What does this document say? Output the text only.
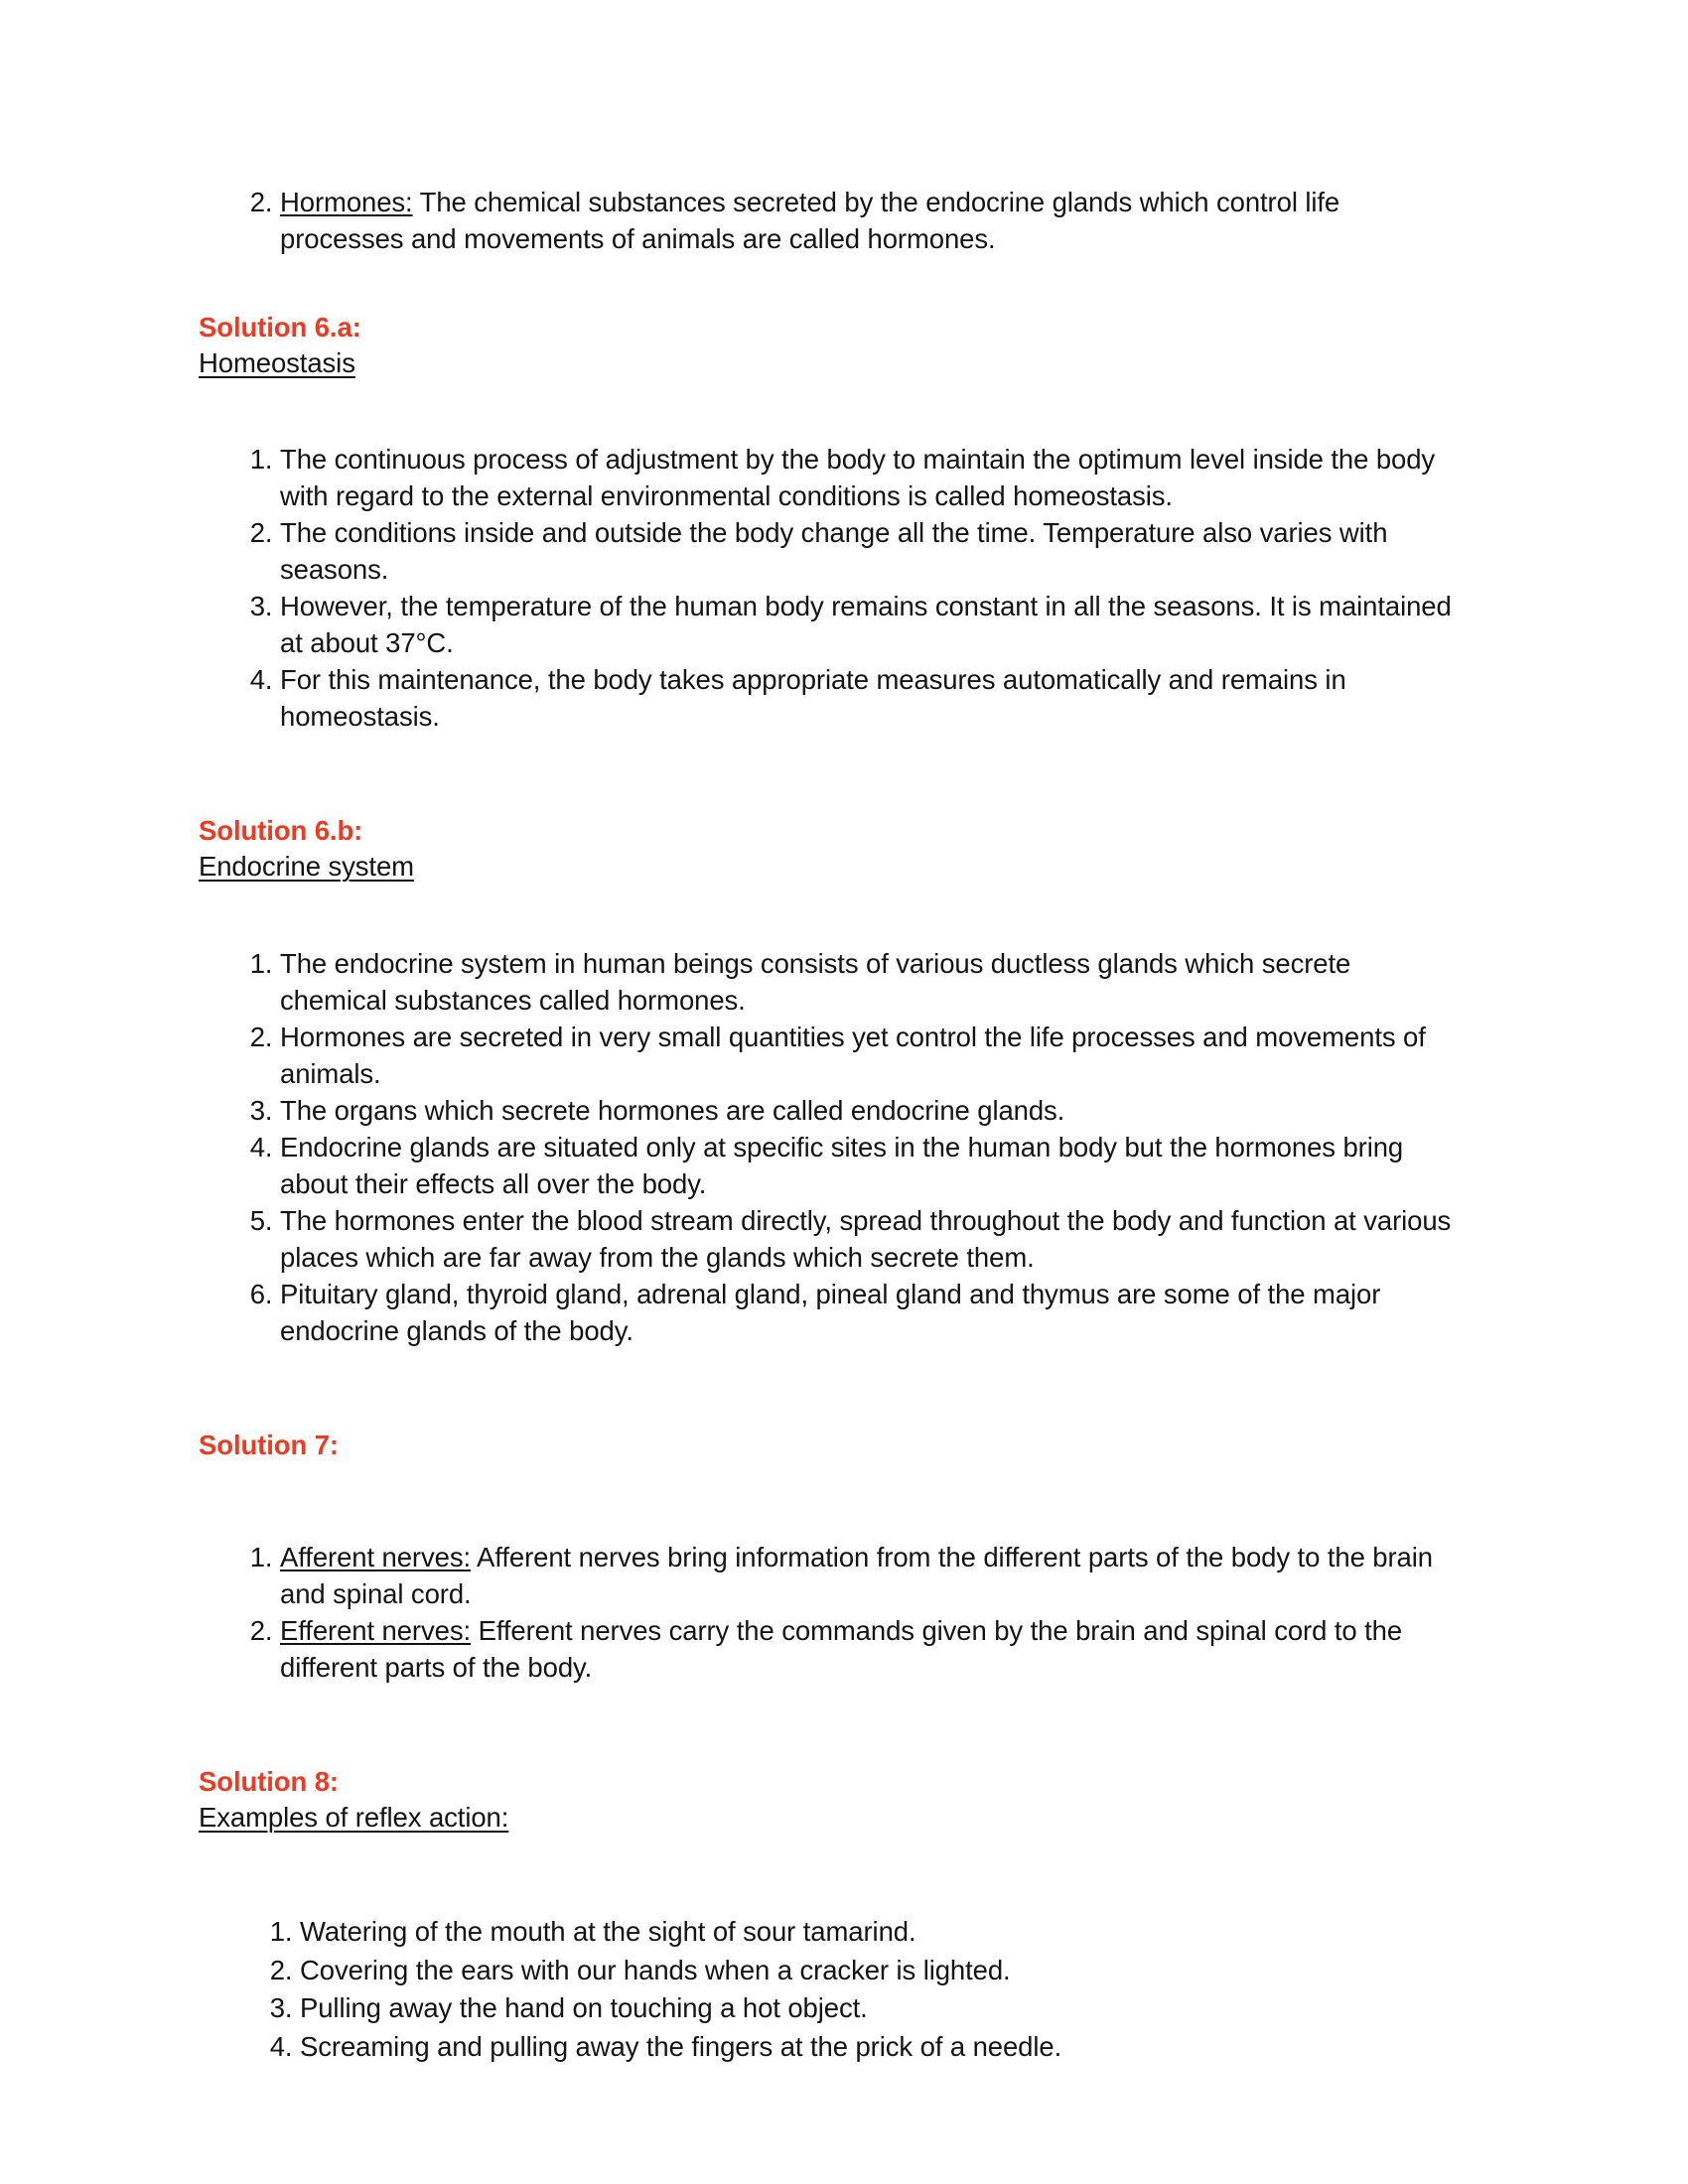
2. Hormones: The chemical substances secreted by the endocrine glands which control life processes and movements of animals are called hormones.
Solution 6.a:
Homeostasis
1. The continuous process of adjustment by the body to maintain the optimum level inside the body with regard to the external environmental conditions is called homeostasis.
2. The conditions inside and outside the body change all the time. Temperature also varies with seasons.
3. However, the temperature of the human body remains constant in all the seasons. It is maintained at about 37°C.
4. For this maintenance, the body takes appropriate measures automatically and remains in homeostasis.
Solution 6.b:
Endocrine system
1. The endocrine system in human beings consists of various ductless glands which secrete chemical substances called hormones.
2. Hormones are secreted in very small quantities yet control the life processes and movements of animals.
3. The organs which secrete hormones are called endocrine glands.
4. Endocrine glands are situated only at specific sites in the human body but the hormones bring about their effects all over the body.
5. The hormones enter the blood stream directly, spread throughout the body and function at various places which are far away from the glands which secrete them.
6. Pituitary gland, thyroid gland, adrenal gland, pineal gland and thymus are some of the major endocrine glands of the body.
Solution 7:
1. Afferent nerves: Afferent nerves bring information from the different parts of the body to the brain and spinal cord.
2. Efferent nerves: Efferent nerves carry the commands given by the brain and spinal cord to the different parts of the body.
Solution 8:
Examples of reflex action:
1. Watering of the mouth at the sight of sour tamarind.
2. Covering the ears with our hands when a cracker is lighted.
3. Pulling away the hand on touching a hot object.
4. Screaming and pulling away the fingers at the prick of a needle.
